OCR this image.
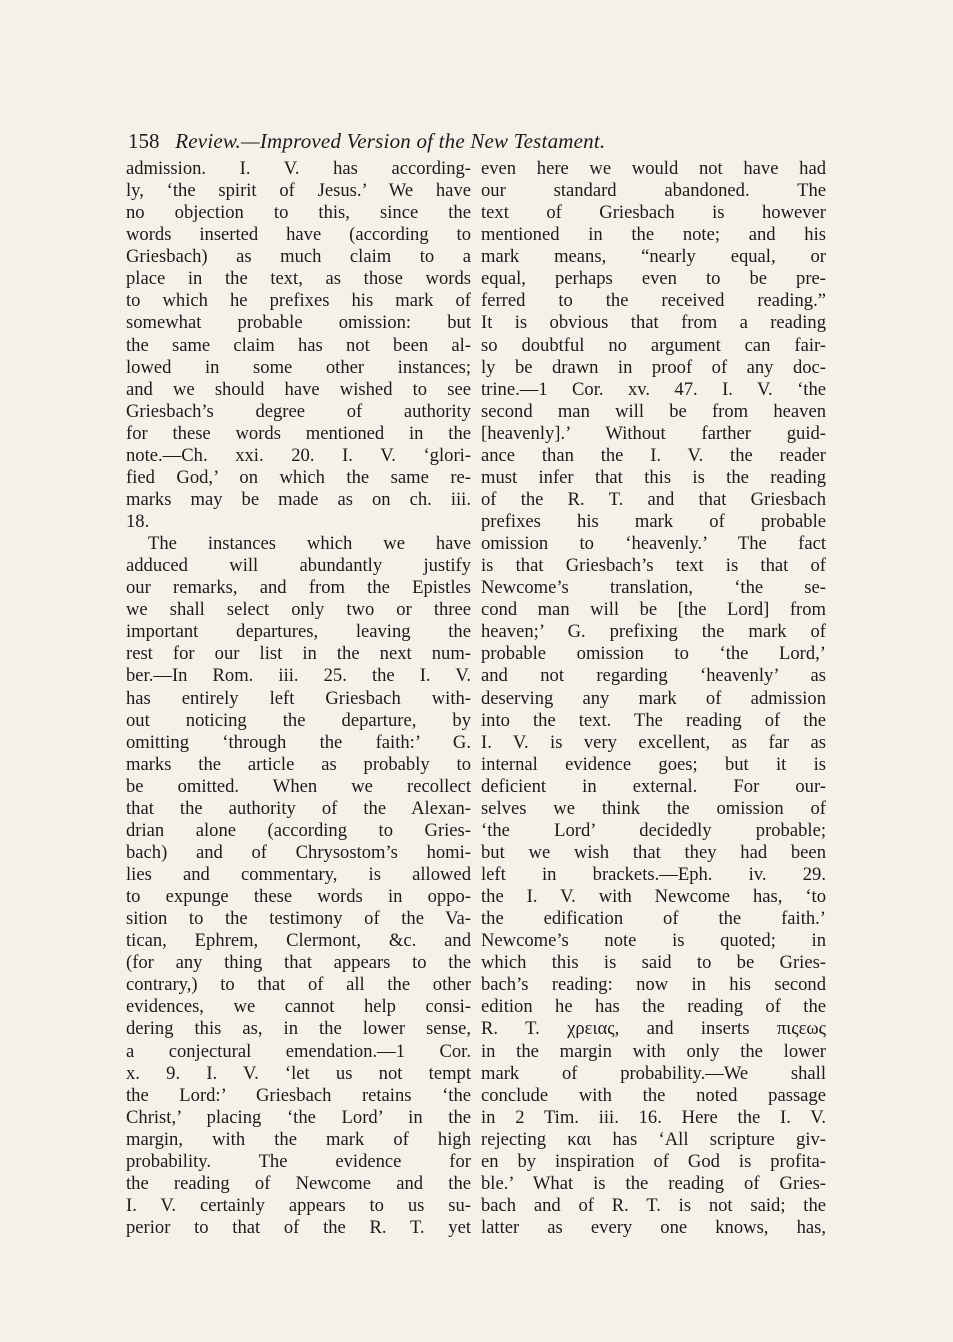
158 Review.—Improved Version of the New Testament.
admission. I. V. has according-
ly, ‘the spirit of Jesus.’ We have
no objection to this, since the
words inserted have (according to
Griesbach) as much claim to a
place in the text, as those words
to which he prefixes his mark of
somewhat probable omission: but
the same claim has not been al-
lowed in some other instances;
and we should have wished to see
Griesbach’s degree of authority
for these words mentioned in the
note.—Ch. xxi. 20. I. V. ‘glori-
fied God,’ on which the same re-
marks may be made as on ch. iii.
18.
The instances which we have
adduced will abundantly justify
our remarks, and from the Epistles
we shall select only two or three
important departures, leaving the
rest for our list in the next num-
ber.—In Rom. iii. 25. the I. V.
has entirely left Griesbach with-
out noticing the departure, by
omitting ‘through the faith:’ G.
marks the article as probably to
be omitted. When we recollect
that the authority of the Alexan-
drian alone (according to Gries-
bach) and of Chrysostom’s homi-
lies and commentary, is allowed
to expunge these words in oppo-
sition to the testimony of the Va-
tican, Ephrem, Clermont, &c. and
(for any thing that appears to the
contrary,) to that of all the other
evidences, we cannot help consi-
dering this as, in the lower sense,
a conjectural emendation.—1 Cor.
x. 9. I. V. ‘let us not tempt
the Lord:’ Griesbach retains ‘the
Christ,’ placing ‘the Lord’ in the
margin, with the mark of high
probability. The evidence for
the reading of Newcome and the
I. V. certainly appears to us su-
perior to that of the R. T. yet
even here we would not have had
our standard abandoned. The
text of Griesbach is however
mentioned in the note; and his
mark means, “nearly equal, or
equal, perhaps even to be pre-
ferred to the received reading.”
It is obvious that from a reading
so doubtful no argument can fair-
ly be drawn in proof of any doc-
trine.—1 Cor. xv. 47. I. V. ‘the
second man will be from heaven
[heavenly].’ Without farther guid-
ance than the I. V. the reader
must infer that this is the reading
of the R. T. and that Griesbach
prefixes his mark of probable
omission to ‘heavenly.’ The fact
is that Griesbach’s text is that of
Newcome’s translation, ‘the se-
cond man will be [the Lord] from
heaven;’ G. prefixing the mark of
probable omission to ‘the Lord,’
and not regarding ‘heavenly’ as
deserving any mark of admission
into the text. The reading of the
I. V. is very excellent, as far as
internal evidence goes; but it is
deficient in external. For our-
selves we think the omission of
‘the Lord’ decidedly probable;
but we wish that they had been
left in brackets.—Eph. iv. 29.
the I. V. with Newcome has, ‘to
the edification of the faith.’
Newcome’s note is quoted; in
which this is said to be Gries-
bach’s reading: now in his second
edition he has the reading of the
R. T. χρειας, and inserts πιςεως
in the margin with only the lower
mark of probability.—We shall
conclude with the noted passage
in 2 Tim. iii. 16. Here the I. V.
rejecting και has ‘All scripture giv-
en by inspiration of God is profita-
ble.’ What is the reading of Gries-
bach and of R. T. is not said; the
latter as every one knows, has,
